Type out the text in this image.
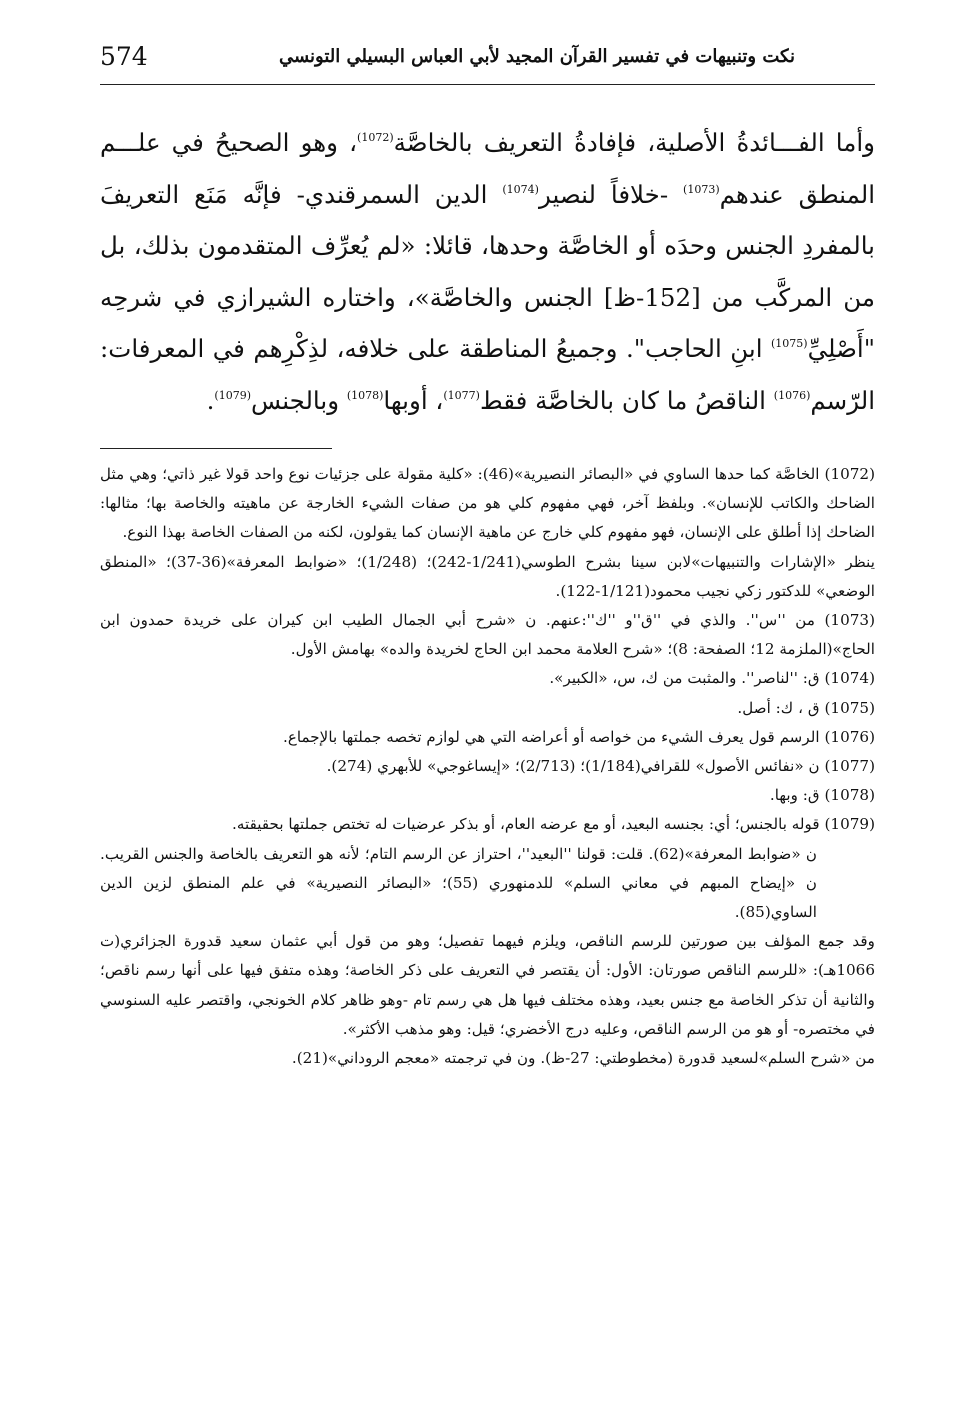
نكت وتنبيهات في تفسير القرآن المجيد لأبي العباس البسيلي التونسي
574

وأما الفـــائدةُ الأصلية، فإفادةُ التعريف بالخاصَّة$^{(1072)}$، وهو الصحيحُ في علـــم المنطق عندهم$^{(1073)}$ -خلافاً لنصير$^{(1074)}$ الدين السمرقندي- فإنَّه مَنَع التعريفَ بالمفردِ الجنس وحدَه أو الخاصَّة وحدها، قائلا: «لم يُعرِّف المتقدمون بذلك، بل من المركَّب من [152-ظ] الجنس والخاصَّة»، واختاره الشيرازي في شرحِه "أَصْلِيِّ$^{(1075)}$ ابنِ الحاجب". وجميعُ المناطقة على خلافه، لذِكْرِهم في المعرفات: الرّسم$^{(1076)}$ الناقصُ ما كان بالخاصَّة فقط$^{(1077)}$، أوبها$^{(1078)}$ وبالجنس$^{(1079)}$.

(1072) الخاصَّة كما حدها الساوي في «البصائر النصيرية»(46): «كلية مقولة على جزئيات نوع واحد قولا غير ذاتي؛ وهي مثل الضاحك والكاتب للإنسان». وبلفظ آخر، فهي مفهوم كلي هو من صفات الشيء الخارجة عن ماهيته والخاصة بها؛ مثالها: الضاحك إذا أطلق على الإنسان، فهو مفهوم كلي خارج عن ماهية الإنسان كما يقولون، لكنه من الصفات الخاصة بهذا النوع.

ينظر «الإشارات والتنبيهات»لابن سينا بشرح الطوسي(1/241-242)؛ (1/248)؛ «ضوابط المعرفة»(36-37)؛ «المنطق الوضعي» للدكتور زكي نجيب محمود(1/121-122).

(1073) من ''س''. والذي في ''ق''و ''ك'':عنهم. ن «شرح أبي الجمال الطيب ابن كيران على خريدة حمدون ابن الحاج»(الملزمة 12؛ الصفحة: 8)؛ «شرح العلامة محمد ابن الحاج لخريدة والده» بهامش الأول.

(1074) ق: ''لناصر''. والمثبت من ك، س، «الكبير».

(1075) ق ، ك: أصل.

(1076) الرسم قول يعرف الشيء من خواصه أو أعراضه التي هي لوازم تخصه جملتها بالإجماع.

(1077) ن «نفائس الأصول» للقرافي(1/184)؛ (2/713)؛ «إيساغوجي» للأبهري (274).

(1078) ق: وبها.

(1079) قوله بالجنس؛ أي: بجنسه البعيد، أو مع عرضه العام، أو بذكر عرضيات له تختص جملتها بحقيقته.

ن «ضوابط المعرفة»(62). قلت: قولنا ''البعيد''، احتراز عن الرسم التام؛ لأنه هو التعريف بالخاصة والجنس القريب. ن «إيضاح المبهم في معاني السلم» للدمنهوري (55)؛ «البصائر النصيرية» في علم المنطق لزين الدين الساوي(85).

وقد جمع المؤلف بين صورتين للرسم الناقص، ويلزم فيهما تفصيل؛ وهو من قول أبي عثمان سعيد قدورة الجزائري(ت 1066هـ): «للرسم الناقص صورتان: الأول: أن يقتصر في التعريف على ذكر الخاصة؛ وهذه متفق فيها على أنها رسم ناقص؛ والثانية أن تذكر الخاصة مع جنس بعيد، وهذه مختلف فيها هل هي رسم تام -وهو ظاهر كلام الخونجي، واقتصر عليه السنوسي في مختصره- أو هو من الرسم الناقص، وعليه درج الأخضري؛ قيل: وهو مذهب الأكثر».

من «شرح السلم»لسعيد قدورة (مخطوطتي: 27-ظ). ون في ترجمته «معجم الروداني»(21).
